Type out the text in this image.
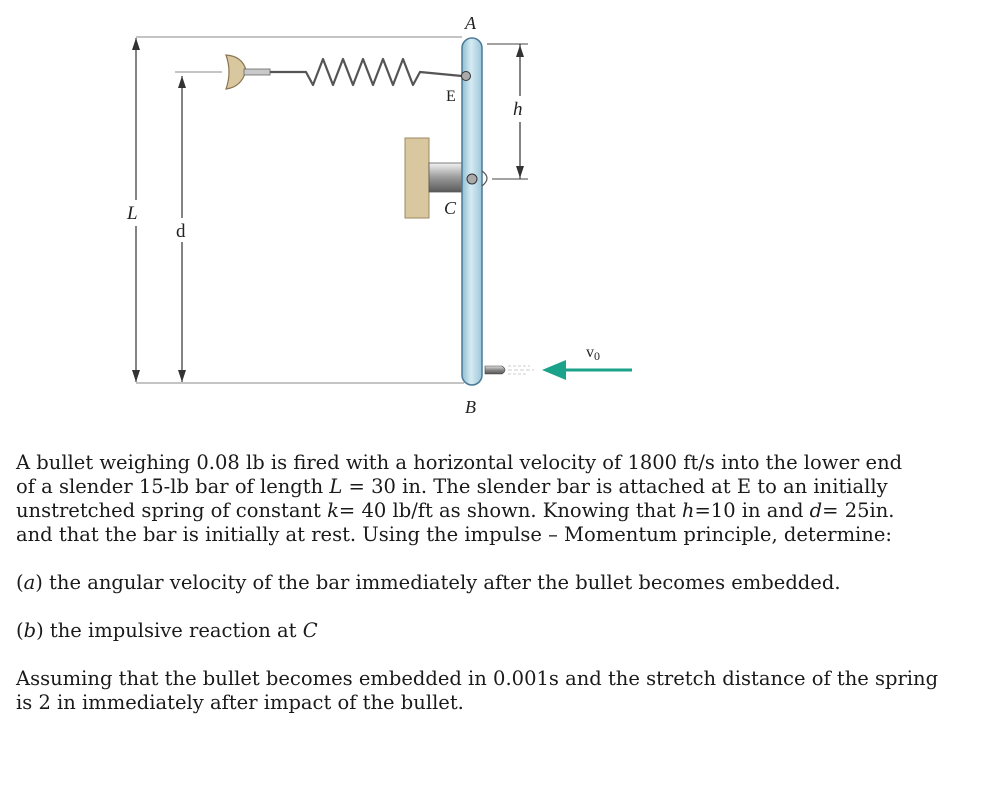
L
d
h
A
E
C
B
v0

A bullet weighing 0.08 lb is fired with a horizontal velocity of 1800 ft/s into the lower end
of a slender 15-lb bar of length L = 30 in. The slender bar is attached at E to an initially
unstretched spring of constant k= 40 lb/ft as shown. Knowing that h=10 in and d= 25in.
and that the bar is initially at rest. Using the impulse – Momentum principle, determine:

(a) the angular velocity of the bar immediately after the bullet becomes embedded.

(b) the impulsive reaction at C

Assuming that the bullet becomes embedded in 0.001s and the stretch distance of the spring
is 2 in immediately after impact of the bullet.
